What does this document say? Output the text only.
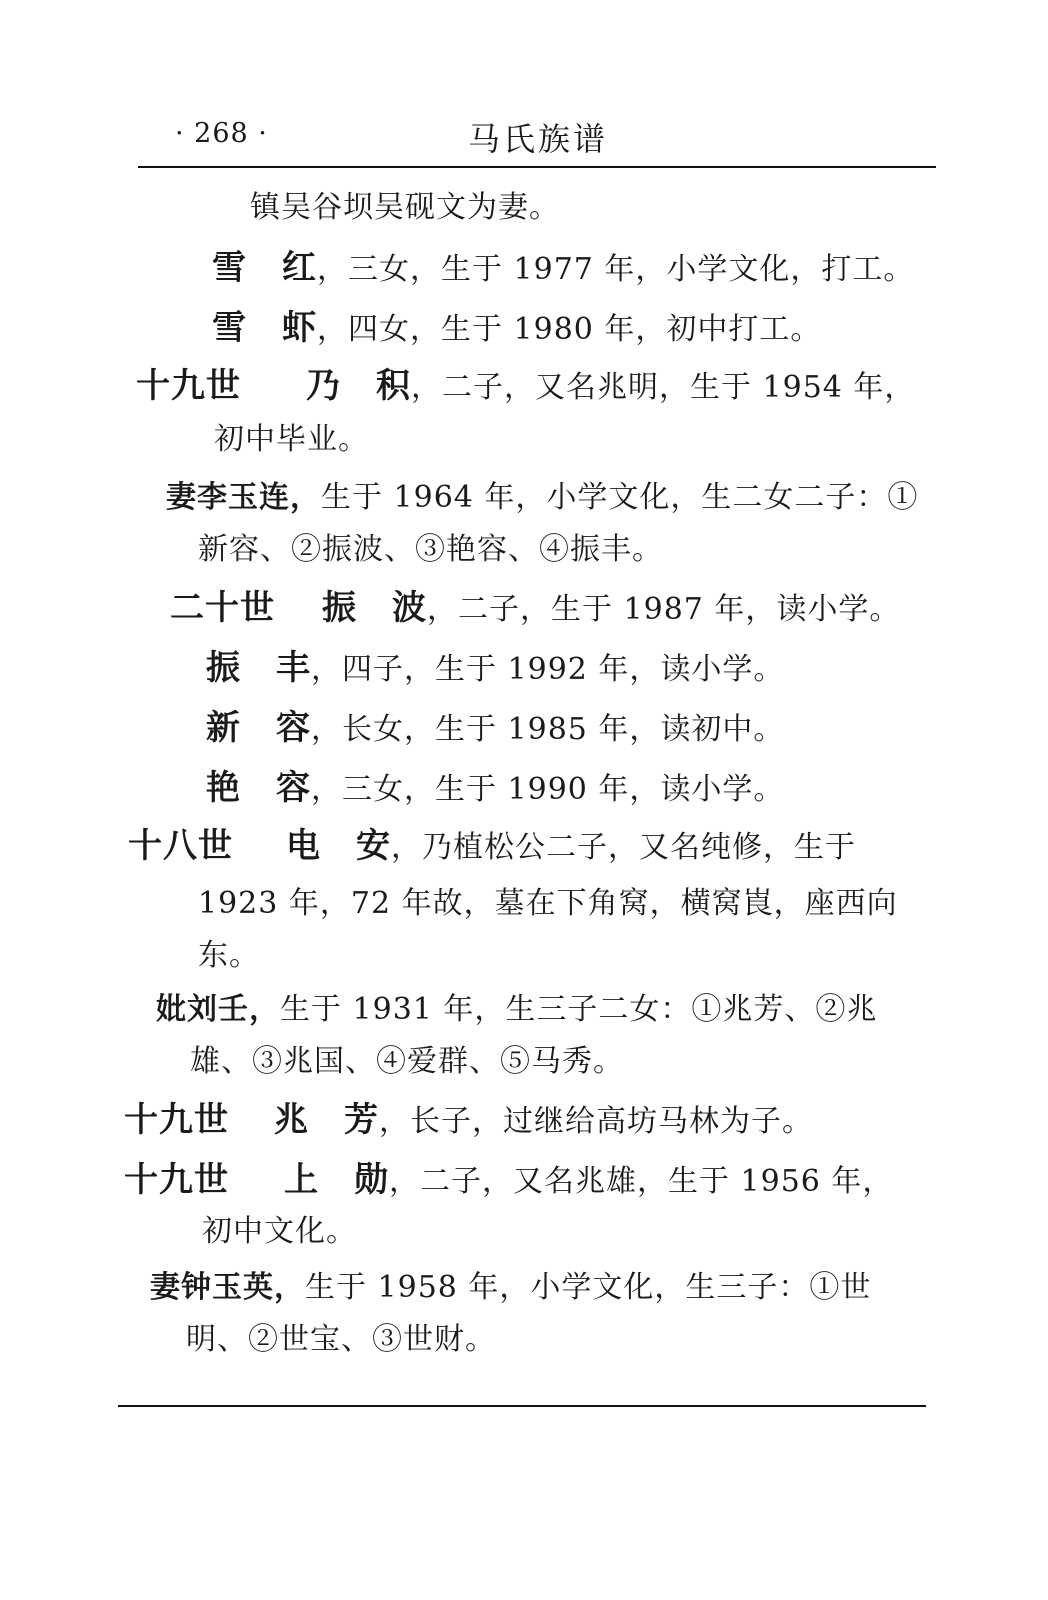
· 268 ·	马氏族谱
镇吴谷坝吴砚文为妻。
雪　红，三女，生于 1977 年，小学文化，打工。
雪　虾，四女，生于 1980 年，初中打工。
十九世 乃　积，二子，又名兆明，生于 1954 年，
初中毕业。
妻李玉连，生于 1964 年，小学文化，生二女二子：①
新容、②振波、③艳容、④振丰。
二十世 振　波，二子，生于 1987 年，读小学。
振　丰，四子，生于 1992 年，读小学。
新　容，长女，生于 1985 年，读初中。
艳　容，三女，生于 1990 年，读小学。
十八世 电　安，乃植松公二子，又名纯修，生于
1923 年，72 年故，墓在下角窝，横窝崀，座西向
东。
妣刘壬，生于 1931 年，生三子二女：①兆芳、②兆
雄、③兆国、④爱群、⑤马秀。
十九世 兆　芳，长子，过继给高坊马林为子。
十九世 上　勋，二子，又名兆雄，生于 1956 年，
初中文化。
妻钟玉英，生于 1958 年，小学文化，生三子：①世
明、②世宝、③世财。
